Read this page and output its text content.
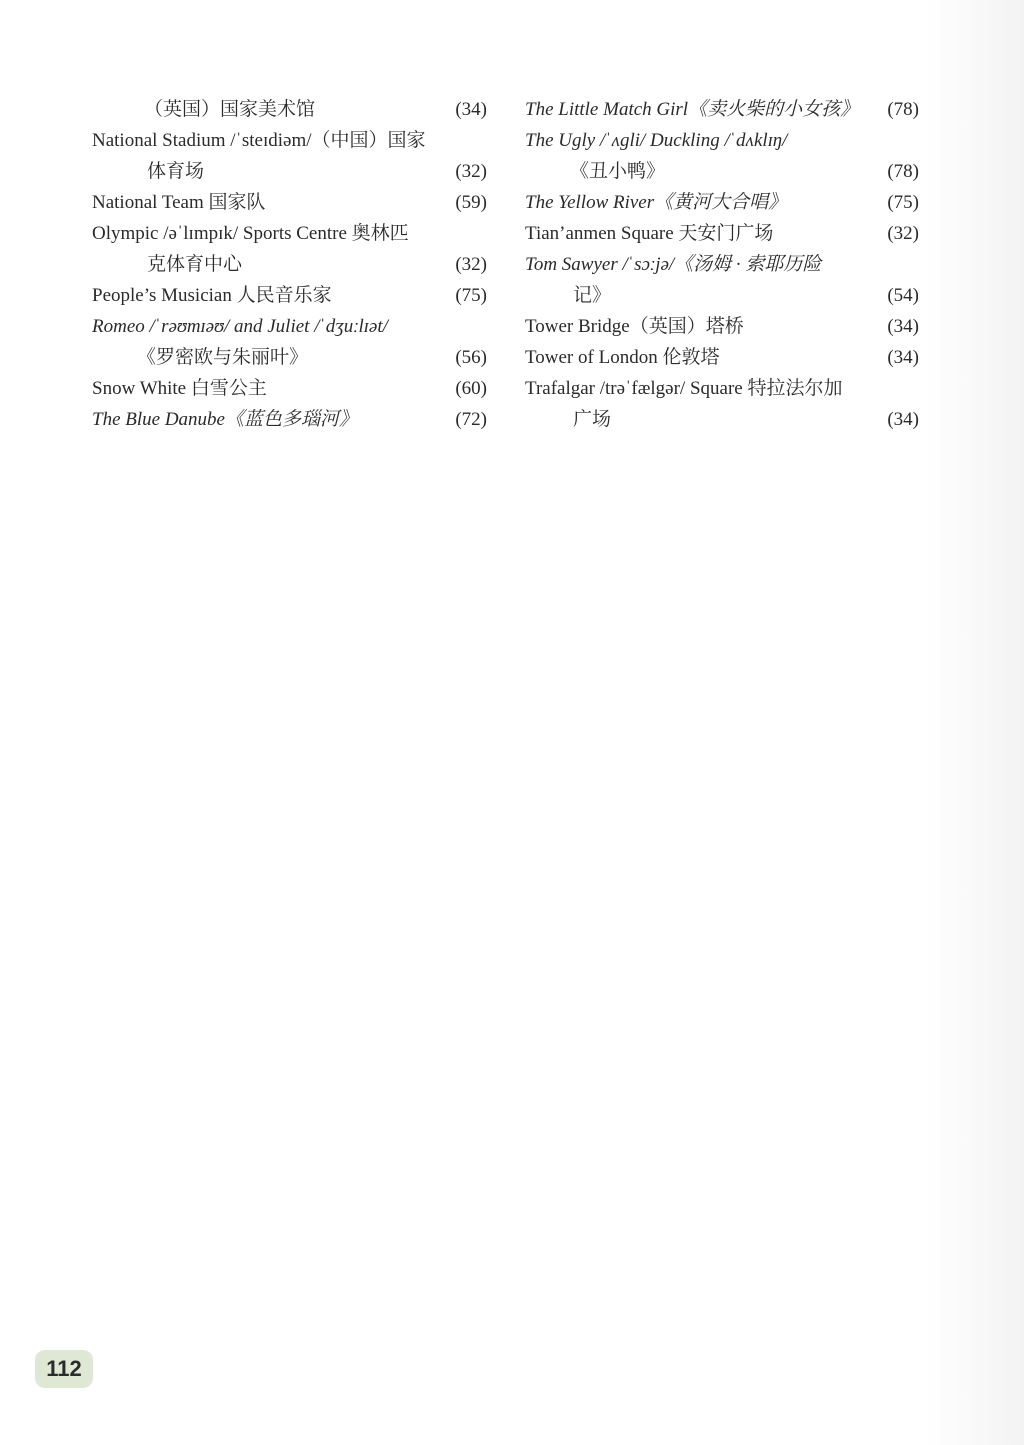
（英国）国家美术馆	(34)
National Stadium /ˈsteɪdiəm/（中国）国家
体育场	(32)
National Team 国家队	(59)
Olympic /əˈlɪmpɪk/ Sports Centre 奥林匹
克体育中心	(32)
People’s Musician 人民音乐家	(75)
Romeo /ˈrəʊmɪəʊ/ and Juliet /ˈdʒuːlɪət/
《罗密欧与朱丽叶》	(56)
Snow White 白雪公主	(60)
The Blue Danube《蓝色多瑙河》	(72)
The Little Match Girl《卖火柴的小女孩》 (78)
The Ugly /ˈʌgli/ Duckling /ˈdʌklɪŋ/
《丑小鸭》	(78)
The Yellow River《黄河大合唱》	(75)
Tian’anmen Square 天安门广场	(32)
Tom Sawyer /ˈsɔːjə/《汤姆 · 索耶历险
记》	(54)
Tower Bridge（英国）塔桥	(34)
Tower of London 伦敦塔	(34)
Trafalgar /trəˈfælgər/ Square 特拉法尔加
广场	(34)
112
